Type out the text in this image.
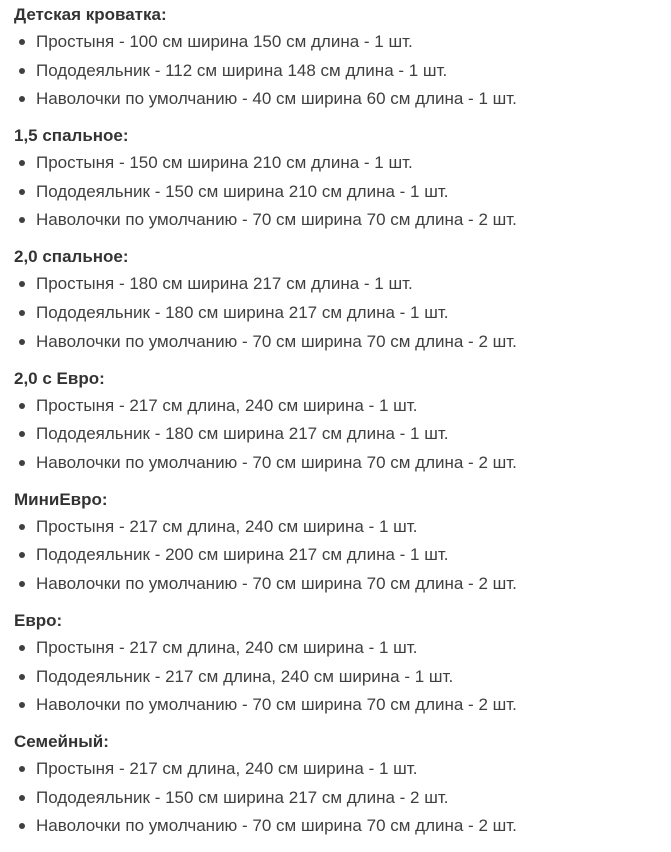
Детская кроватка:
Простыня - 100 см ширина 150 см длина - 1 шт.
Пододеяльник - 112 см ширина 148 см длина - 1 шт.
Наволочки по умолчанию - 40 см ширина 60 см длина - 1 шт.
1,5 спальное:
Простыня - 150 см ширина 210 см длина - 1 шт.
Пододеяльник - 150 см ширина 210 см длина - 1 шт.
Наволочки по умолчанию - 70 см ширина 70 см длина - 2 шт.
2,0 спальное:
Простыня - 180 см ширина 217 см длина - 1 шт.
Пододеяльник - 180 см ширина 217 см длина - 1 шт.
Наволочки по умолчанию - 70 см ширина 70 см длина - 2 шт.
2,0 с Евро:
Простыня - 217 см длина, 240 см ширина - 1 шт.
Пододеяльник - 180 см ширина 217 см длина - 1 шт.
Наволочки по умолчанию - 70 см ширина 70 см длина - 2 шт.
МиниЕвро:
Простыня - 217 см длина, 240 см ширина - 1 шт.
Пододеяльник - 200 см ширина 217 см длина - 1 шт.
Наволочки по умолчанию - 70 см ширина 70 см длина - 2 шт.
Евро:
Простыня - 217 см длина, 240 см ширина - 1 шт.
Пододеяльник - 217 см длина, 240 см ширина - 1 шт.
Наволочки по умолчанию - 70 см ширина 70 см длина - 2 шт.
Семейный:
Простыня - 217 см длина, 240 см ширина - 1 шт.
Пододеяльник - 150 см ширина 217 см длина - 2 шт.
Наволочки по умолчанию - 70 см ширина 70 см длина - 2 шт.
